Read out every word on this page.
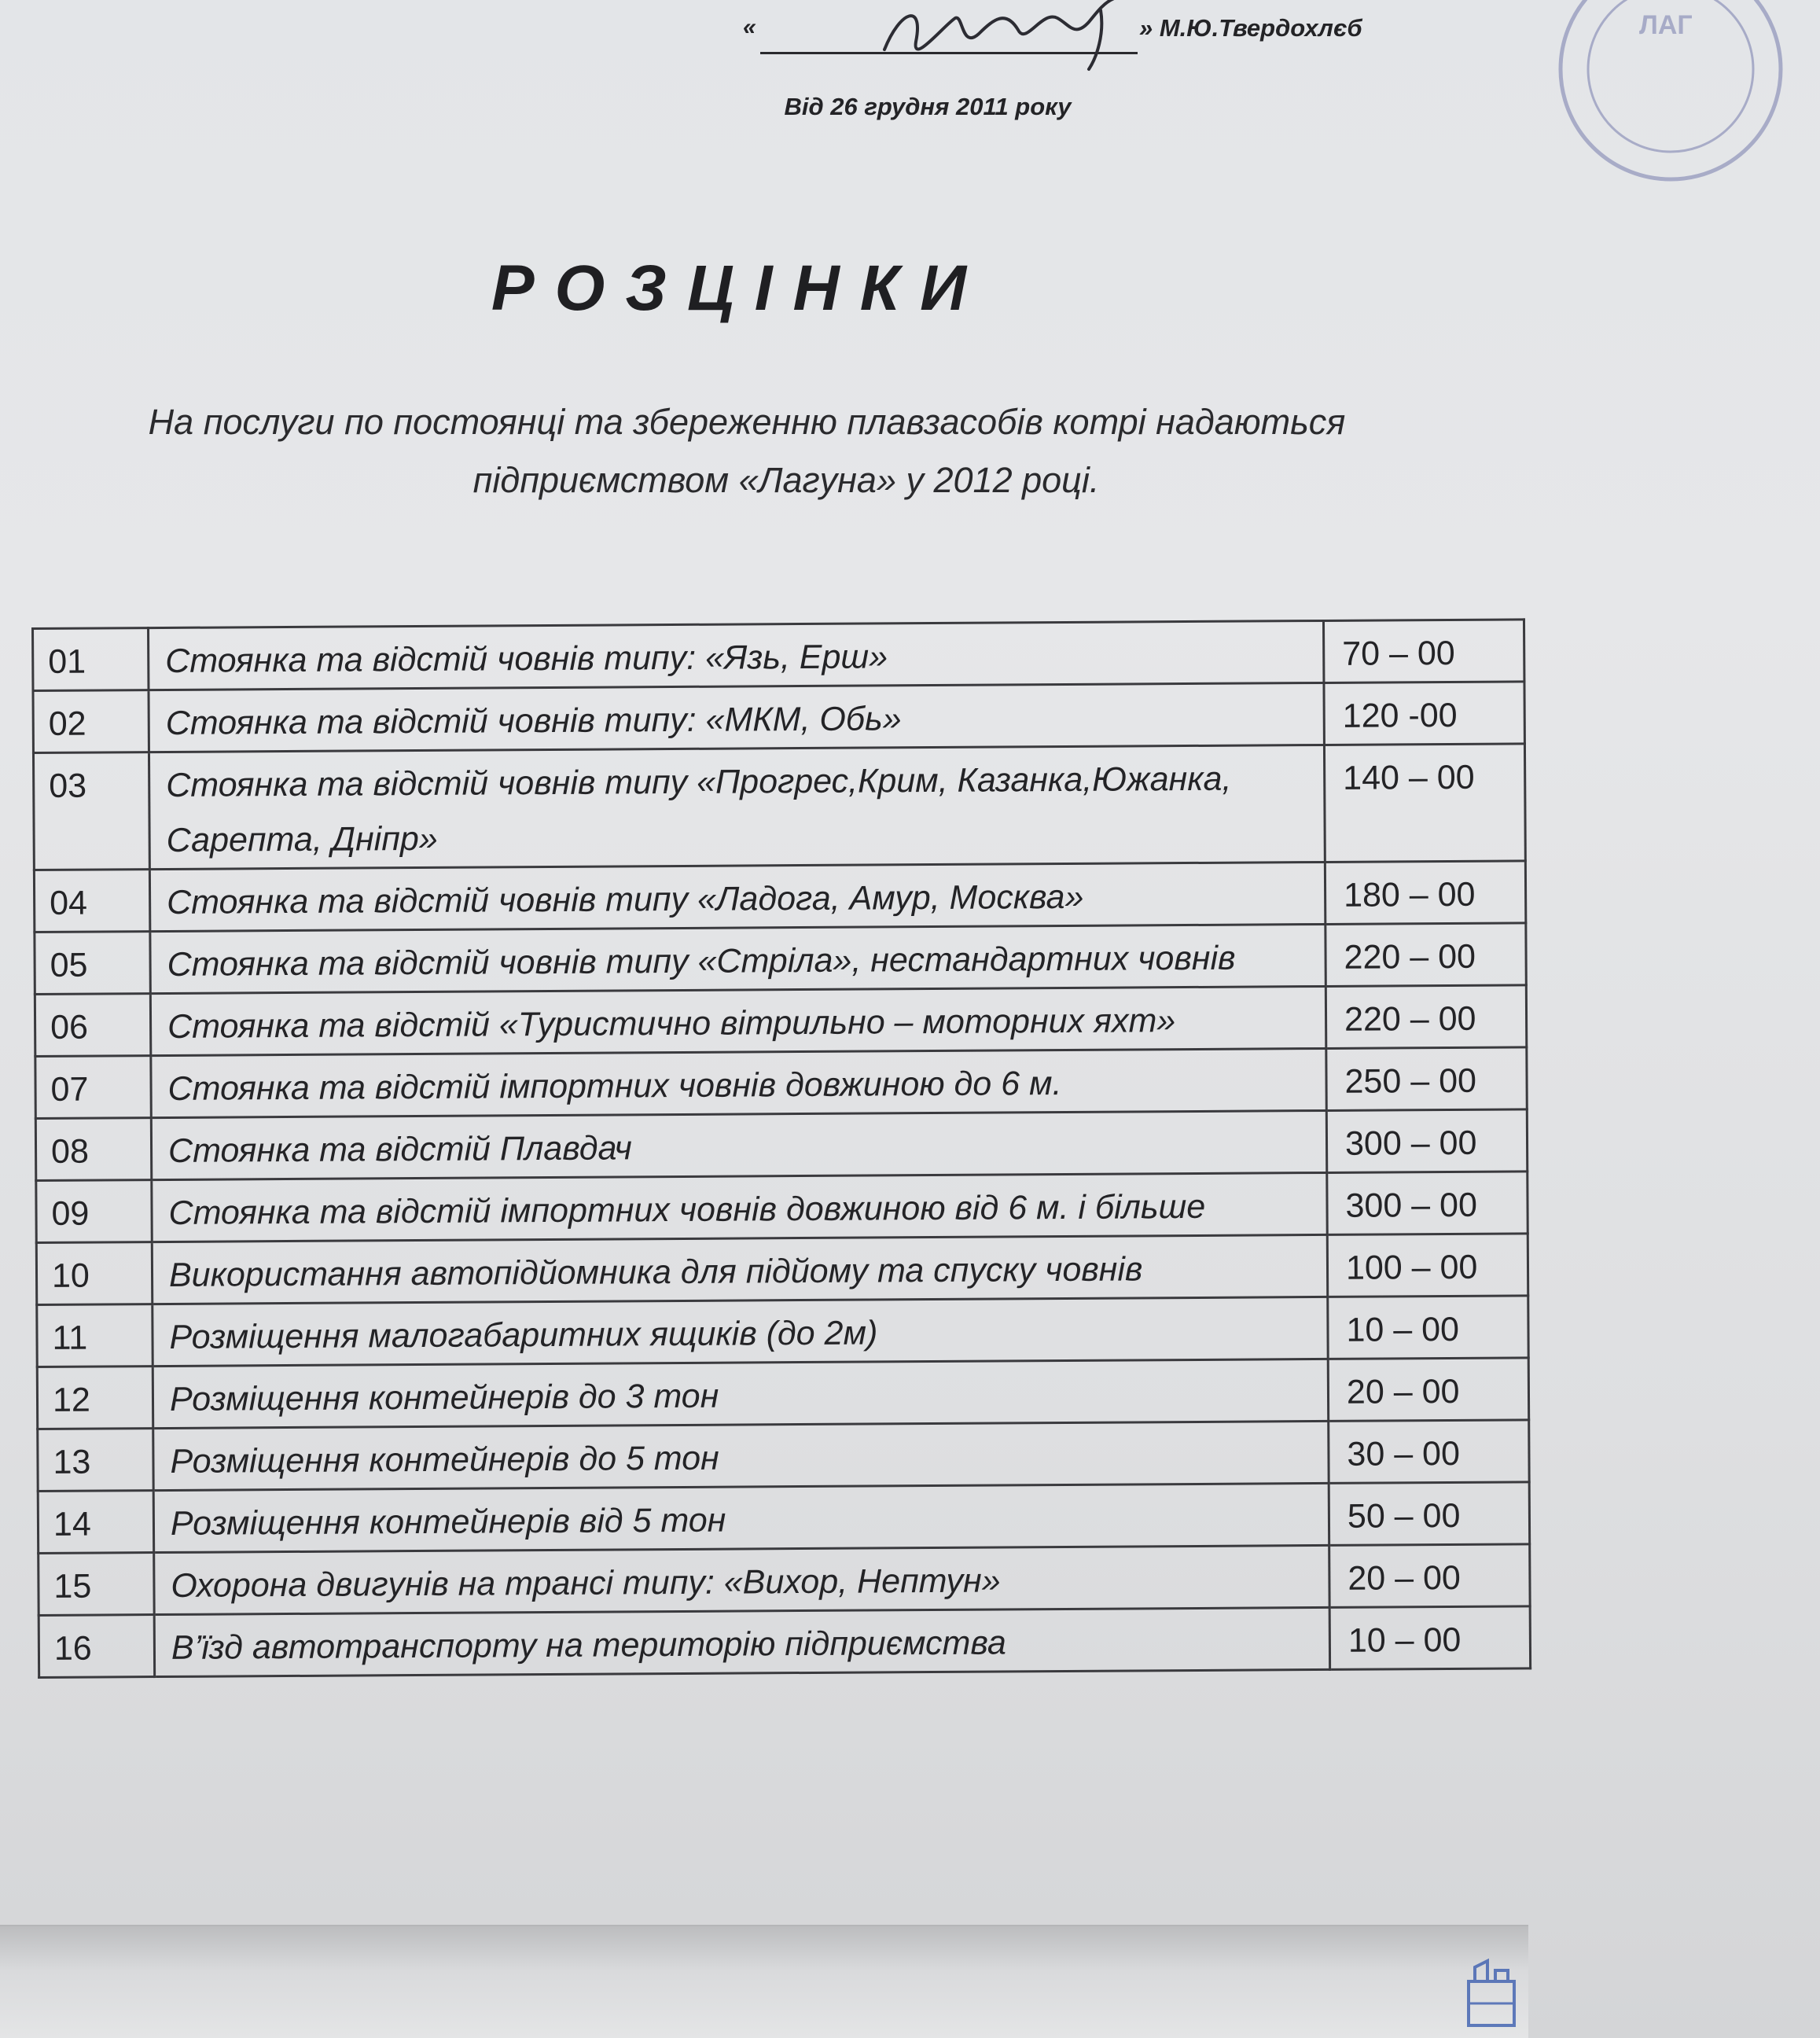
ЛАГ
«	» М.Ю.Твердохлєб
Від 26 грудня 2011 року
РОЗЦІНКИ
На послуги по постоянці та збереженню плавзасобів котрі надаються
підприємством «Лагуна» у 2012 році.
01	Стоянка та відстій човнів типу: «Язь, Ерш»	70 – 00
02	Стоянка та відстій човнів типу: «МКМ, Обь»	120 -00
03	Стоянка та відстій човнів типу «Прогрес,Крим, Казанка,Южанка, Сарепта, Дніпр»	140 – 00
04	Стоянка та відстій човнів типу «Ладога, Амур, Москва»	180 – 00
05	Стоянка та відстій човнів типу «Стріла», нестандартних човнів	220 – 00
06	Стоянка та відстій «Туристично вітрильно – моторних яхт»	220 – 00
07	Стоянка та відстій імпортних човнів довжиною до 6 м.	250 – 00
08	Стоянка та відстій Плавдач	300 – 00
09	Стоянка та відстій імпортних човнів довжиною від 6 м. і більше	300 – 00
10	Використання автопідйомника для підйому та спуску човнів	100 – 00
11	Розміщення малогабаритних ящиків (до 2м)	10 – 00
12	Розміщення контейнерів до 3 тон	20 – 00
13	Розміщення контейнерів до 5 тон	30 – 00
14	Розміщення контейнерів від 5 тон	50 – 00
15	Охорона двигунів на трансі типу: «Вихор, Нептун»	20 – 00
16	В’їзд автотранспорту на територію підприємства	10 – 00
